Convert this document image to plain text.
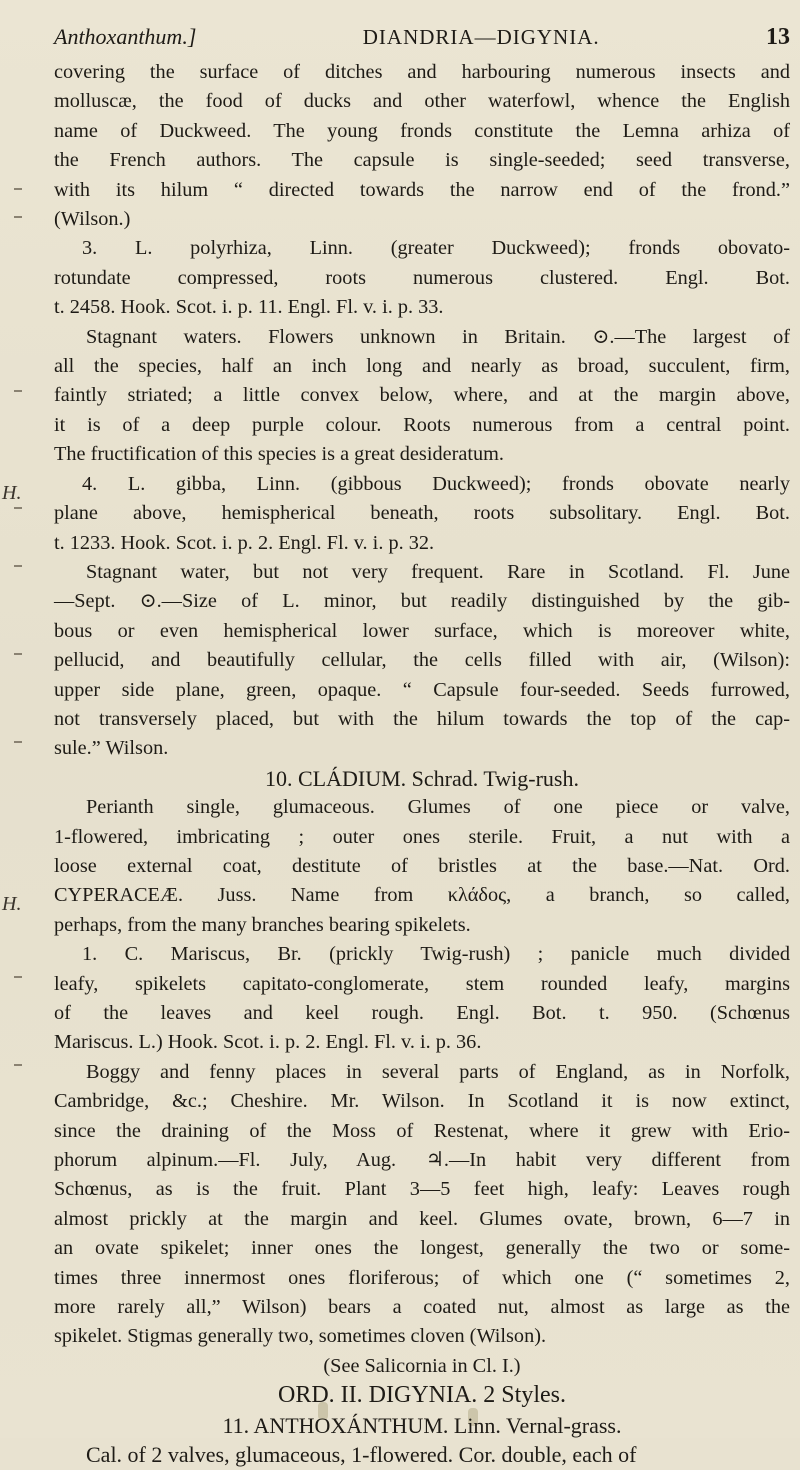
Anthoxanthum.]	DIANDRIA—DIGYNIA.	13
H.
H.
covering the surface of ditches and harbouring numerous insects and
molluscæ, the food of ducks and other waterfowl, whence the English
name of Duckweed. The young fronds constitute the Lemna arhiza of
the French authors. The capsule is single-seeded; seed transverse,
with its hilum “ directed towards the narrow end of the frond.”
(Wilson.)
3. L. polyrhiza, Linn. (greater Duckweed); fronds obovato-
rotundate compressed, roots numerous clustered. Engl. Bot.
t. 2458. Hook. Scot. i. p. 11. Engl. Fl. v. i. p. 33.
Stagnant waters. Flowers unknown in Britain. ⊙.—The largest of
all the species, half an inch long and nearly as broad, succulent, firm,
faintly striated; a little convex below, where, and at the margin above,
it is of a deep purple colour. Roots numerous from a central point.
The fructification of this species is a great desideratum.
4. L. gibba, Linn. (gibbous Duckweed); fronds obovate nearly
plane above, hemispherical beneath, roots subsolitary. Engl. Bot.
t. 1233. Hook. Scot. i. p. 2. Engl. Fl. v. i. p. 32.
Stagnant water, but not very frequent. Rare in Scotland. Fl. June
—Sept. ⊙.—Size of L. minor, but readily distinguished by the gib-
bous or even hemispherical lower surface, which is moreover white,
pellucid, and beautifully cellular, the cells filled with air, (Wilson):
upper side plane, green, opaque. “ Capsule four-seeded. Seeds furrowed,
not transversely placed, but with the hilum towards the top of the cap-
sule.” Wilson.
10. CLÁDIUM. Schrad. Twig-rush.
Perianth single, glumaceous. Glumes of one piece or valve,
1-flowered, imbricating ; outer ones sterile. Fruit, a nut with a
loose external coat, destitute of bristles at the base.—Nat. Ord.
CYPERACEÆ. Juss. Name from κλάδος, a branch, so called,
perhaps, from the many branches bearing spikelets.
1. C. Mariscus, Br. (prickly Twig-rush) ; panicle much divided
leafy, spikelets capitato-conglomerate, stem rounded leafy, margins
of the leaves and keel rough. Engl. Bot. t. 950. (Schœnus
Mariscus. L.) Hook. Scot. i. p. 2. Engl. Fl. v. i. p. 36.
Boggy and fenny places in several parts of England, as in Norfolk,
Cambridge, &c.; Cheshire. Mr. Wilson. In Scotland it is now extinct,
since the draining of the Moss of Restenat, where it grew with Erio-
phorum alpinum.—Fl. July, Aug. ♃.—In habit very different from
Schœnus, as is the fruit. Plant 3—5 feet high, leafy: Leaves rough
almost prickly at the margin and keel. Glumes ovate, brown, 6—7 in
an ovate spikelet; inner ones the longest, generally the two or some-
times three innermost ones floriferous; of which one (“ sometimes 2,
more rarely all,” Wilson) bears a coated nut, almost as large as the
spikelet. Stigmas generally two, sometimes cloven (Wilson).
(See Salicornia in Cl. I.)
ORD. II. DIGYNIA. 2 Styles.
11. ANTHOXÁNTHUM. Linn. Vernal-grass.
Cal. of 2 valves, glumaceous, 1-flowered. Cor. double, each of
